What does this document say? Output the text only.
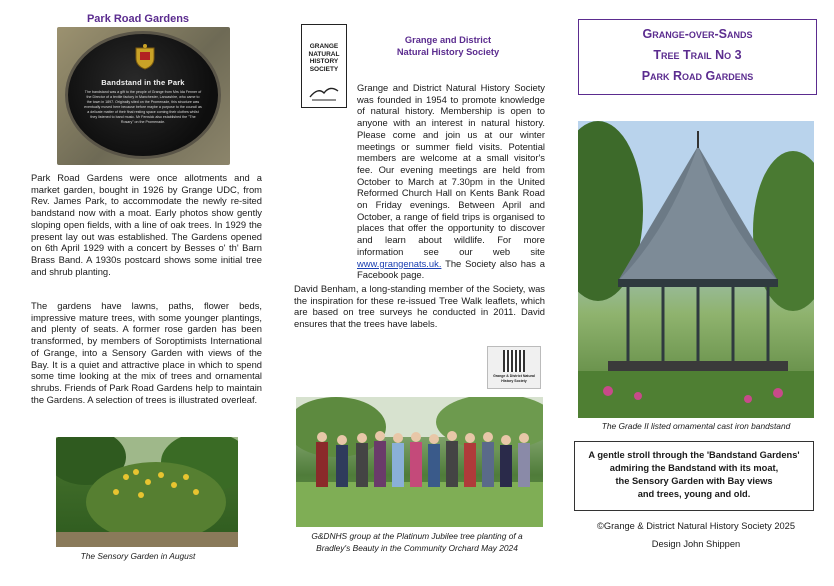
Park Road Gardens
Bandstand in the Park
The bandstand was a gift to the people of Grange from Mrs Ida Fenner of the Director of a textile factory in Manchester, Lancashire, who came to the town in 1897. Originally sited on the Promenade, this structure was eventually moved here because before maybe a purpose to the council as a delicate matter of their final resting space coming their clothes whilst they listened to band music. Mr Fenwick also established the "The Rosary" on the Promenade.
Park Road Gardens were once allotments and a market garden, bought in 1926 by Grange UDC, from Rev. James Park, to accommodate the newly re-sited bandstand now with a moat. Early photos show gently sloping open fields, with a line of oak trees. In 1929 the present lay out was established. The Gardens opened on 6th April 1929 with a concert by Besses o' th' Barn Brass Band. A 1930s postcard shows some initial tree and shrub planting.
The gardens have lawns, paths, flower beds, impressive mature trees, with some younger plantings, and plenty of seats. A former rose garden has been transformed, by members of Soroptimists International of Grange, into a Sensory Garden with views of the Bay. It is a quiet and attractive place in which to spend some time looking at the mix of trees and ornamental shrubs. Friends of Park Road Gardens help to maintain the Gardens. A selection of trees is illustrated overleaf.
The Sensory Garden in August
GRANGE NATURAL HISTORY SOCIETY
Grange and District
Natural History Society
Grange and District Natural History Society was founded in 1954 to promote knowledge of natural history. Membership is open to anyone with an interest in natural history. Please come and join us at our winter meetings or summer field visits. Potential members are welcome at a small visitor's fee. Our evening meetings are held from October to March at 7.30pm in the United Reformed Church Hall on Kents Bank Road on Friday evenings. Between April and October, a range of field trips is organised to places that offer the opportunity to discover and learn about wildlife. For more information see our web site www.grangenats.uk. The Society also has a Facebook page.
David Benham, a long-standing member of the Society, was the inspiration for these re-issued Tree Walk leaflets, which are based on tree surveys he conducted in 2011. David ensures that the trees have labels.
Grange & District Natural History Society
G&DNHS group at the Platinum Jubilee tree planting of a
Bradley's Beauty in the Community Orchard May 2024
Grange-over-Sands
Tree Trail No 3
Park Road Gardens
The Grade II listed ornamental cast iron bandstand
A gentle stroll through the 'Bandstand Gardens'
admiring the Bandstand with its moat,
the Sensory Garden with Bay views
and trees, young and old.
©Grange & District Natural History Society 2025
Design John Shippen
